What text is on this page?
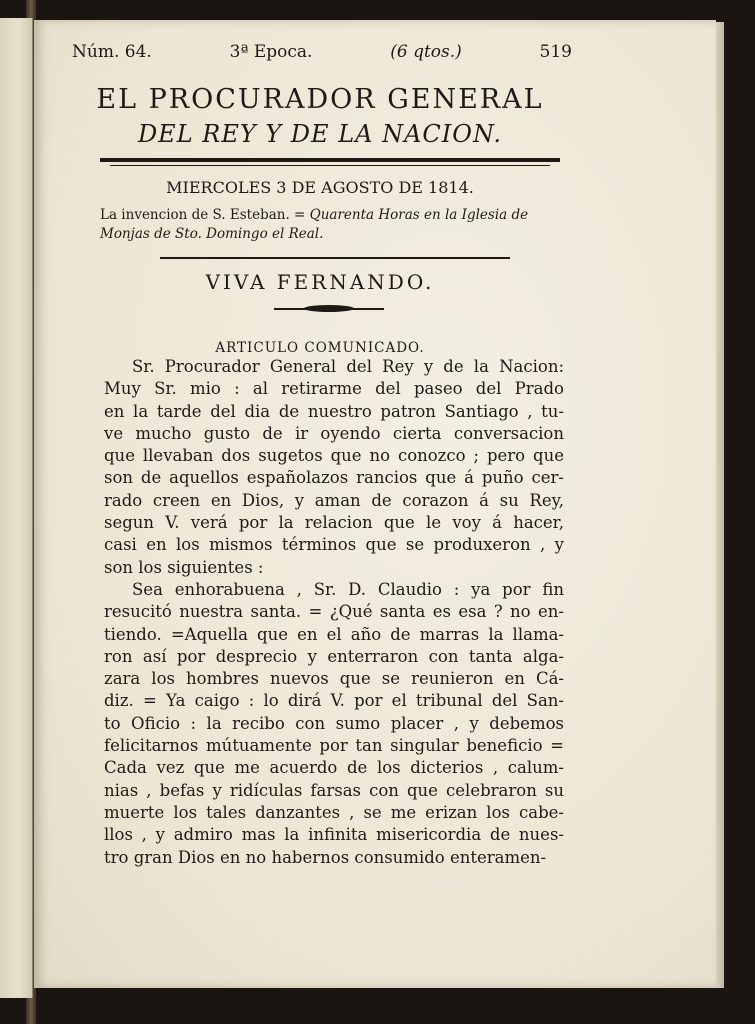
Núm. 64.	3ª Epoca.	(6 qtos.)	519
EL PROCURADOR GENERAL
DEL REY Y DE LA NACION.
MIERCOLES 3 DE AGOSTO DE 1814.
La invencion de S. Esteban. = Quarenta Horas en la Iglesia de
Monjas de Sto. Domingo el Real.
VIVA FERNANDO.
ARTICULO COMUNICADO.
Sr. Procurador General del Rey y de la Nacion:
Muy Sr. mio : al retirarme del paseo del Prado
en la tarde del dia de nuestro patron Santiago , tu-
ve mucho gusto de ir oyendo cierta conversacion
que llevaban dos sugetos que no conozco ; pero que
son de aquellos españolazos rancios que á puño cer-
rado creen en Dios, y aman de corazon á su Rey,
segun V. verá por la relacion que le voy á hacer,
casi en los mismos términos que se produxeron , y
son los siguientes :
Sea enhorabuena , Sr. D. Claudio : ya por fin
resucitó nuestra santa. = ¿Qué santa es esa ? no en-
tiendo. =Aquella que en el año de marras la llama-
ron así por desprecio y enterraron con tanta alga-
zara los hombres nuevos que se reunieron en Cá-
diz. = Ya caigo : lo dirá V. por el tribunal del San-
to Oficio : la recibo con sumo placer , y debemos
felicitarnos mútuamente por tan singular beneficio =
Cada vez que me acuerdo de los dicterios , calum-
nias , befas y ridículas farsas con que celebraron su
muerte los tales danzantes , se me erizan los cabe-
llos , y admiro mas la infinita misericordia de nues-
tro gran Dios en no habernos consumido enteramen-
